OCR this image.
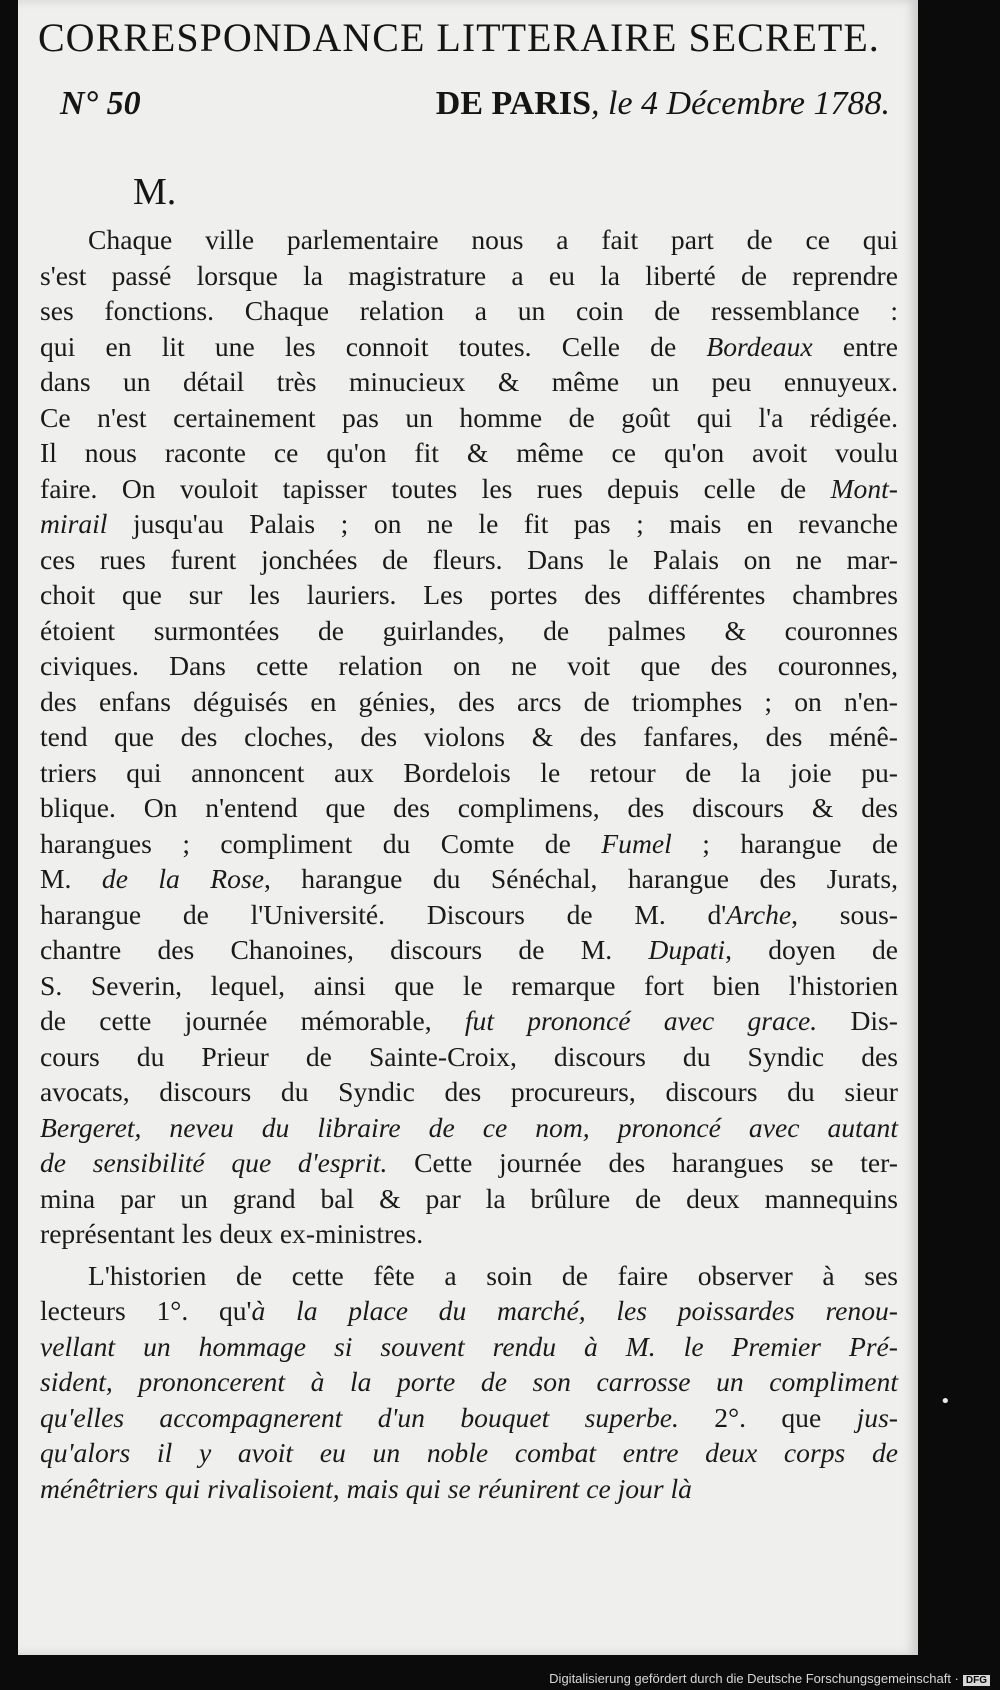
CORRESPONDANCE LITTERAIRE SECRETE.
N° 50	DE PARIS, le 4 Décembre 1788.
M.
Chaque ville parlementaire nous a fait part de ce qui
s'est passé lorsque la magistrature a eu la liberté de reprendre
ses fonctions. Chaque relation a un coin de ressemblance :
qui en lit une les connoit toutes. Celle de Bordeaux entre
dans un détail très minucieux & même un peu ennuyeux.
Ce n'est certainement pas un homme de goût qui l'a rédigée.
Il nous raconte ce qu'on fit & même ce qu'on avoit voulu
faire. On vouloit tapisser toutes les rues depuis celle de Mont-
mirail jusqu'au Palais ; on ne le fit pas ; mais en revanche
ces rues furent jonchées de fleurs. Dans le Palais on ne mar-
choit que sur les lauriers. Les portes des différentes chambres
étoient surmontées de guirlandes, de palmes & couronnes
civiques. Dans cette relation on ne voit que des couronnes,
des enfans déguisés en génies, des arcs de triomphes ; on n'en-
tend que des cloches, des violons & des fanfares, des ménê-
triers qui annoncent aux Bordelois le retour de la joie pu-
blique. On n'entend que des complimens, des discours & des
harangues ; compliment du Comte de Fumel ; harangue de
M. de la Rose, harangue du Sénéchal, harangue des Jurats,
harangue de l'Université. Discours de M. d'Arche, sous-
chantre des Chanoines, discours de M. Dupati, doyen de
S. Severin, lequel, ainsi que le remarque fort bien l'historien
de cette journée mémorable, fut prononcé avec grace. Dis-
cours du Prieur de Sainte-Croix, discours du Syndic des
avocats, discours du Syndic des procureurs, discours du sieur
Bergeret, neveu du libraire de ce nom, prononcé avec autant
de sensibilité que d'esprit. Cette journée des harangues se ter-
mina par un grand bal & par la brûlure de deux mannequins
représentant les deux ex-ministres.
L'historien de cette fête a soin de faire observer à ses
lecteurs 1°. qu'à la place du marché, les poissardes renou-
vellant un hommage si souvent rendu à M. le Premier Pré-
sident, prononcerent à la porte de son carrosse un compliment
qu'elles accompagnerent d'un bouquet superbe. 2°. que jus-
qu'alors il y avoit eu un noble combat entre deux corps de
ménêtriers qui rivalisoient, mais qui se réunirent ce jour là
•
Digitalisierung gefördert durch die Deutsche Forschungsgemeinschaft · DFG
